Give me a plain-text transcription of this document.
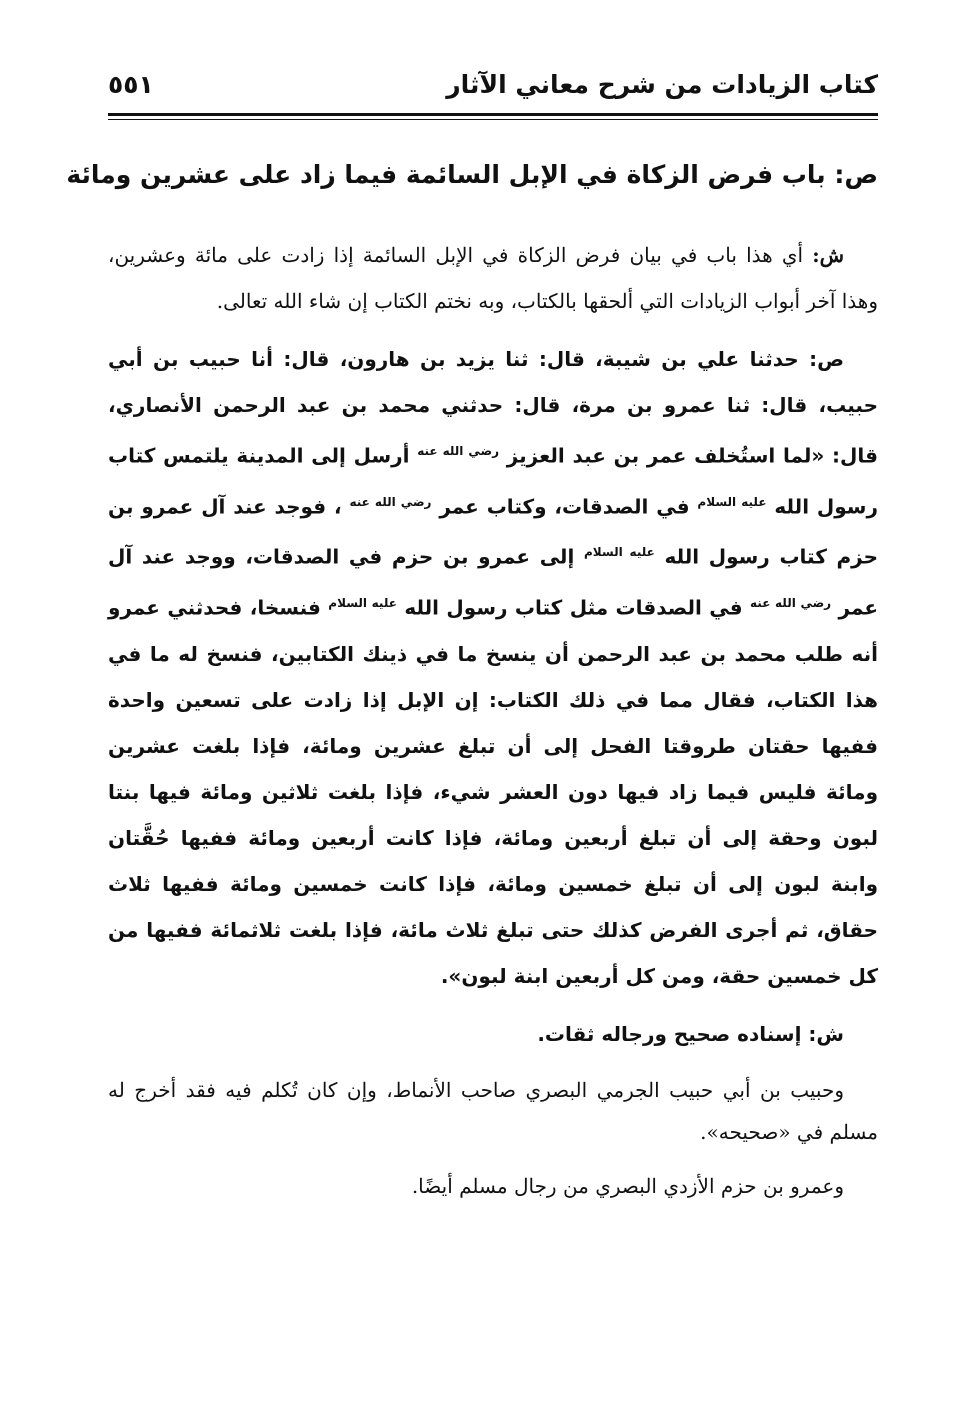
كتاب الزيادات من شرح معاني الآثار
٥٥١
ص: باب فرض الزكاة في الإبل السائمة فيما زاد على عشرين ومائة

ش: أي هذا باب في بيان فرض الزكاة في الإبل السائمة إذا زادت على مائة وعشرين، وهذا آخر أبواب الزيادات التي ألحقها بالكتاب، وبه نختم الكتاب إن شاء الله تعالى.

ص: حدثنا علي بن شيبة، قال: ثنا يزيد بن هارون، قال: أنا حبيب بن أبي حبيب، قال: ثنا عمرو بن مرة، قال: حدثني محمد بن عبد الرحمن الأنصاري، قال: «لما استُخلف عمر بن عبد العزيز $^{رضي الله عنه}$ أرسل إلى المدينة يلتمس كتاب رسول الله $^{عليه السلام}$ في الصدقات، وكتاب عمر $^{رضي الله عنه}$ ، فوجد عند آل عمرو بن حزم كتاب رسول الله $^{عليه السلام}$ إلى عمرو بن حزم في الصدقات، ووجد عند آل عمر $^{رضي الله عنه}$ في الصدقات مثل كتاب رسول الله $^{عليه السلام}$ فنسخا، فحدثني عمرو أنه طلب محمد بن عبد الرحمن أن ينسخ ما في ذينك الكتابين، فنسخ له ما في هذا الكتاب، فقال مما في ذلك الكتاب: إن الإبل إذا زادت على تسعين واحدة ففيها حقتان طروقتا الفحل إلى أن تبلغ عشرين ومائة، فإذا بلغت عشرين ومائة فليس فيما زاد فيها دون العشر شيء، فإذا بلغت ثلاثين ومائة فيها بنتا لبون وحقة إلى أن تبلغ أربعين ومائة، فإذا كانت أربعين ومائة ففيها حُقَّتان وابنة لبون إلى أن تبلغ خمسين ومائة، فإذا كانت خمسين ومائة ففيها ثلاث حقاق، ثم أجرى الفرض كذلك حتى تبلغ ثلاث مائة، فإذا بلغت ثلاثمائة ففيها من كل خمسين حقة، ومن كل أربعين ابنة لبون».

ش: إسناده صحيح ورجاله ثقات.

وحبيب بن أبي حبيب الجرمي البصري صاحب الأنماط، وإن كان تُكلم فيه فقد أخرج له مسلم في «صحيحه».

وعمرو بن حزم الأزدي البصري من رجال مسلم أيضًا.
